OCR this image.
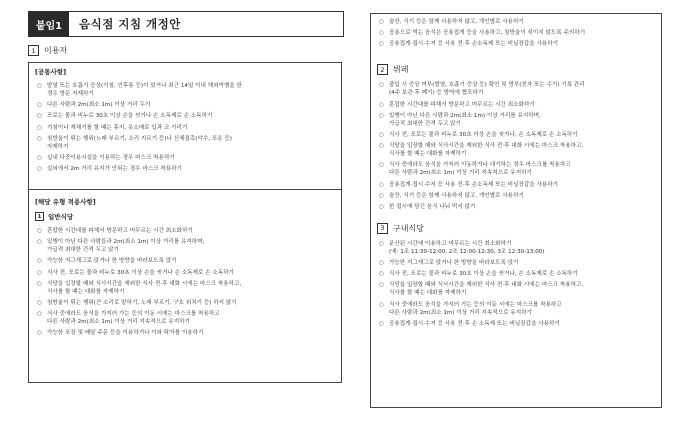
붙임1	음식점 지침 개정안
1	이용자
[공통사항]
○ 발열 또는 호흡기 증상(기침, 인후통 등)이 있거나 최근 14일 이내 해외여행을 한
경우 방문 자제하기
○ 다른 사람과 2m(최소 1m) 이상 거리 두기
○ 포로는 물과 비누로 30초 이상 손을 씻거나 손 소독제로 손 소독하기
○ 기침이나 재채기를 할 때는 휴지, 옷소매로 입과 코 가리기
○ 침방울이 튀는 행위(노래 부르기, 소리 지르기 등)나 신체접촉(악수, 포옹 등)
자제하기
○ 실내 다중이용시설을 이용하는 경우 마스크 착용하기
○ 실외에서 2m 거리 유지가 안되는 경우 마스크 착용하기
[해당 유형 적용사항]
1	일반식당
○ 혼잡한 시간대를 피해서 방문하고 머무르는 시간 최소화하기
○ 일행이 아닌 다른 사람들과 2m(최소 1m) 이상 거리를 유지하며,
가급적 최대한 간격 두고 앉기
○ 가능한 지그재그로 앉거나 한 방향을 바라보도록 앉기
○ 식사 전, 포로는 물과 비누로 30초 이상 손을 씻거나 손 소독제로 손 소독하기
○ 식당을 입장할 때와 식사시간을 제외한 식사 전·후 대화 시에는 마스크 착용하고,
식사를 할 때는 대화를 자제하기
○ 침방울이 튀는 행위(큰 소리로 말하기, 노래 부르기, 구호 외치기 등) 하지 않기
○ 식사 중에라도 음식을 가지러 가는 등의 이동 시에는 마스크를 착용하고
다른 사람과 2m(최소 1m) 이상 거리 지속적으로 유지하기
○ 가능한 포장 및 배달 주문 등을 이용하거나 이와 탁자를 이용하기
○ 술잔, 식기 등은 함께 사용하지 않고, 개인별로 사용하기
○ 공용으로 먹는 음식은 공용집게 등을 사용하고, 침방울이 섞이지 않도록 주의하기
○ 공용집게·접시·수저 등 사용 전·후 손소독제 또는 비닐장갑을 사용하기
2	뷔페
○ 출입 시 증상 여부(발열, 호흡기 증상 등) 확인 및 명부(전자 또는 수기) 기록 관리
(4주 보관 후 폐기) 등 방역에 협조하기
○ 혼잡한 시간대를 피해서 방문하고 머무르는 시간 최소화하기
○ 일행이 아닌 다른 사람과 2m(최소 1m) 이상 거리를 유지하며,
가급적 최대한 간격 두고 앉기
○ 식사 전, 포로는 물과 비누로 30초 이상 손을 씻거나, 손 소독제로 손 소독하기
○ 식당을 입장할 때와 식사시간을 제외한 식사 전·후 대화 시에는 마스크 착용하고,
식사를 할 때는 대화를 자제하기
○ 식사 중에라도 음식을 가지러 이동하거나 대기하는 경우 마스크를 착용하고
다른 사람과 2m(최소 1m) 이상 거리 지속적으로 유지하기
○ 공용집게·접시·수저 등 사용 전·후 손소독제 또는 비닐장갑을 사용하기
○ 술잔, 식기 등은 함께 사용하지 않고, 개인별로 사용하기
○ 한 접시에 담긴 음식 나눠 먹지 않기
3	구내식당
○ 분산된 시간에 이용하고 머무르는 시간 최소화하기
(예: 1조 11:30-12:00, 2조 12:00-12:30, 3조 12:30-13:00)
○ 가능한 지그재그로 앉거나 한 방향을 바라보도록 앉기
○ 식사 전, 포로는 물과 비누로 30초 이상 손을 씻거나, 손 소독제로 손 소독하기
○ 식당을 입장할 때와 식사시간을 제외한 식사 전·후 대화 시에는 마스크 착용하고,
식사를 할 때는 대화를 자제하기
○ 식사 중에라도 음식을 가지러 가는 등의 이동 시에는 마스크를 착용하고
다른 사람과 2m(최소 1m) 이상 거리 지속적으로 유지하기
○ 공용집게·접시·수저 등 사용 전·후 손 소독제 또는 비닐장갑을 사용하기
